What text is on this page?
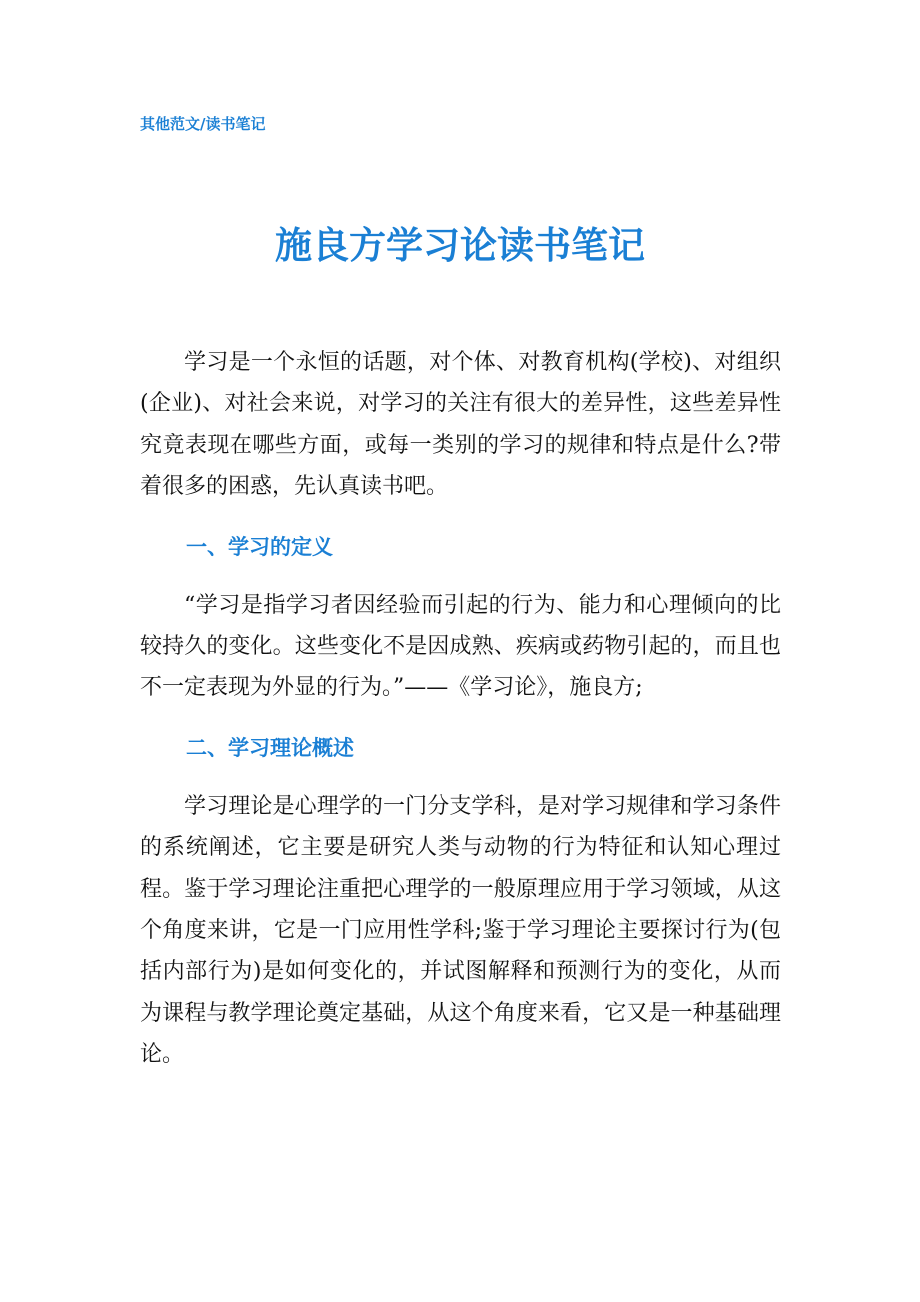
其他范文/读书笔记
施良方学习论读书笔记

学习是一个永恒的话题，对个体、对教育机构(学校)、对组织(企业)、对社会来说，对学习的关注有很大的差异性，这些差异性究竟表现在哪些方面，或每一类别的学习的规律和特点是什么?带着很多的困惑，先认真读书吧。

一、学习的定义

“学习是指学习者因经验而引起的行为、能力和心理倾向的比较持久的变化。这些变化不是因成熟、疾病或药物引起的，而且也不一定表现为外显的行为。”——《学习论》，施良方;

二、学习理论概述

学习理论是心理学的一门分支学科，是对学习规律和学习条件的系统阐述，它主要是研究人类与动物的行为特征和认知心理过程。鉴于学习理论注重把心理学的一般原理应用于学习领域，从这个角度来讲，它是一门应用性学科;鉴于学习理论主要探讨行为(包括内部行为)是如何变化的，并试图解释和预测行为的变化，从而为课程与教学理论奠定基础，从这个角度来看，它又是一种基础理论。
